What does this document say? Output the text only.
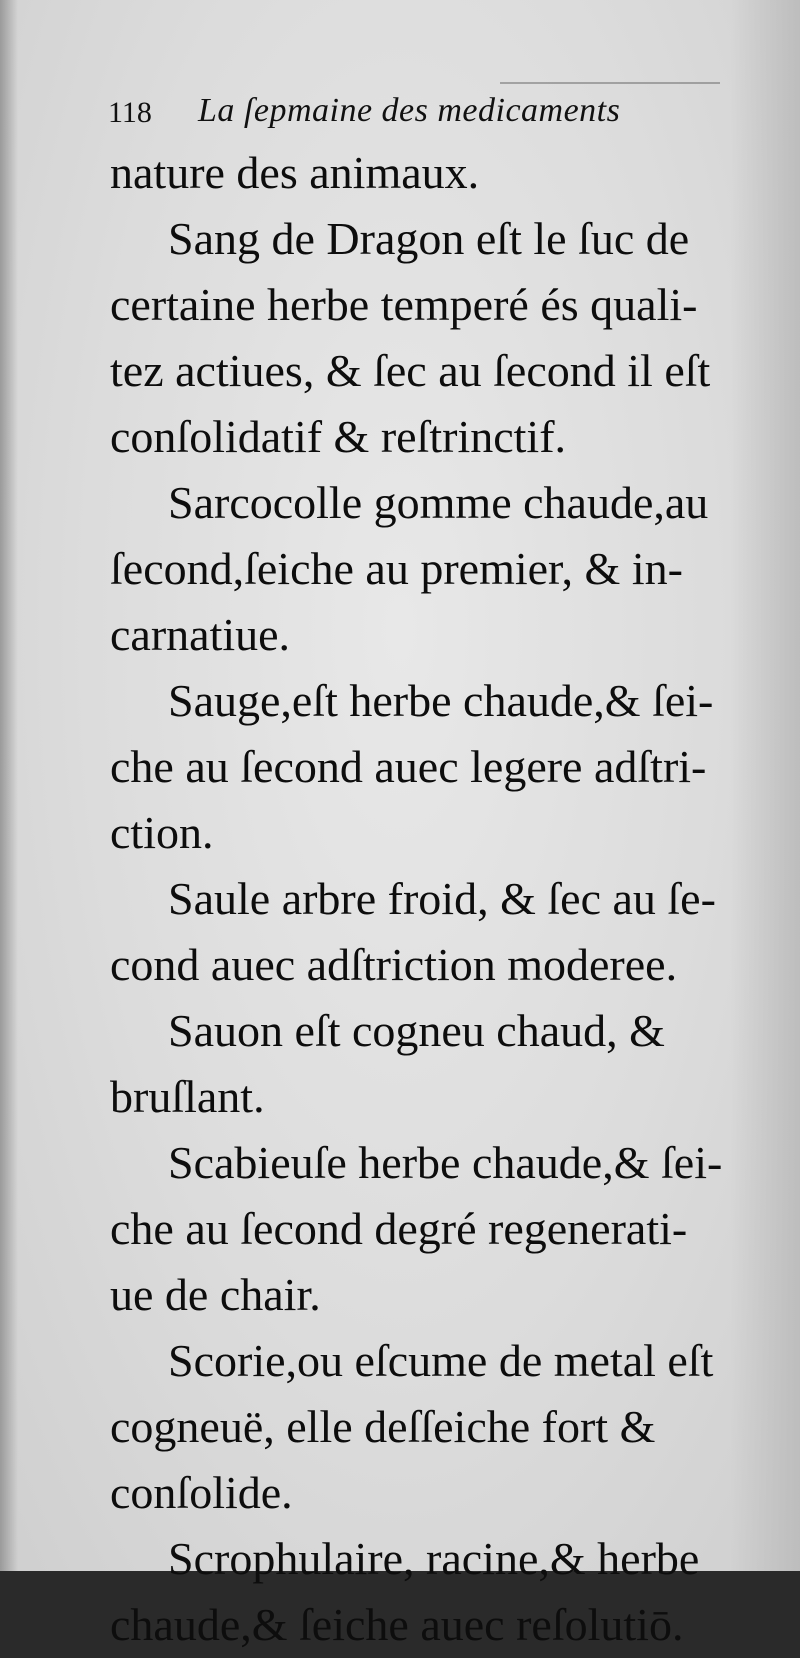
118 La ſepmaine des medicaments
nature des animaux.
Sang de Dragon eſt le ſuc de
certaine herbe temperé és quali-
tez actiues, & ſec au ſecond il eſt
conſolidatif & reſtrinctif.
Sarcocolle gomme chaude,au
ſecond,ſeiche au premier, & in-
carnatiue.
Sauge,eſt herbe chaude,& ſei-
che au ſecond auec legere adſtri-
ction.
Saule arbre froid, & ſec au ſe-
cond auec adſtriction moderee.
Sauon eſt cogneu chaud, &
bruſlant.
Scabieuſe herbe chaude,& ſei-
che au ſecond degré regenerati-
ue de chair.
Scorie,ou eſcume de metal eſt
cogneuë, elle deſſeiche fort &
conſolide.
Scrophulaire, racine,& herbe
chaude,& ſeiche auec reſolutiō.
